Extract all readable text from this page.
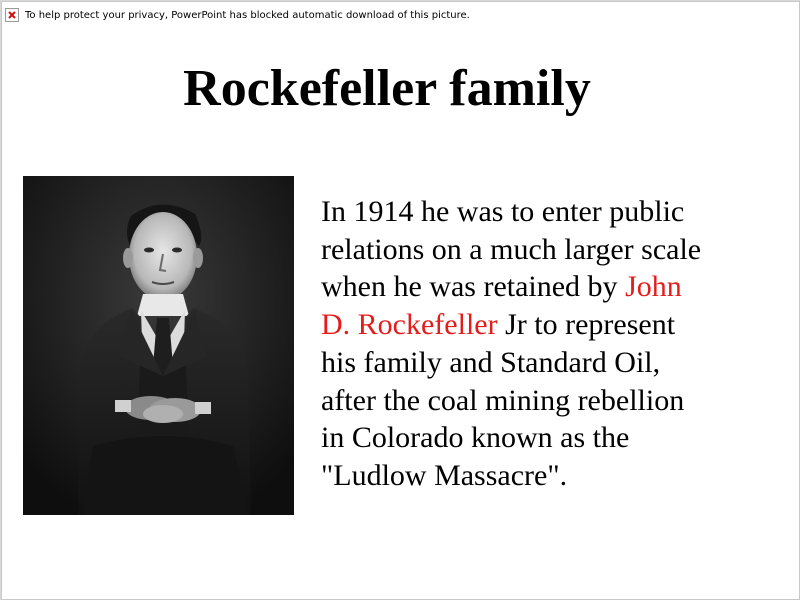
To help protect your privacy, PowerPoint has blocked automatic download of this picture.
Rockefeller family
In 1914 he was to enter public
relations on a much larger scale
when he was retained by John
D. Rockefeller Jr to represent
his family and Standard Oil,
after the coal mining rebellion
in Colorado known as the
"Ludlow Massacre".
